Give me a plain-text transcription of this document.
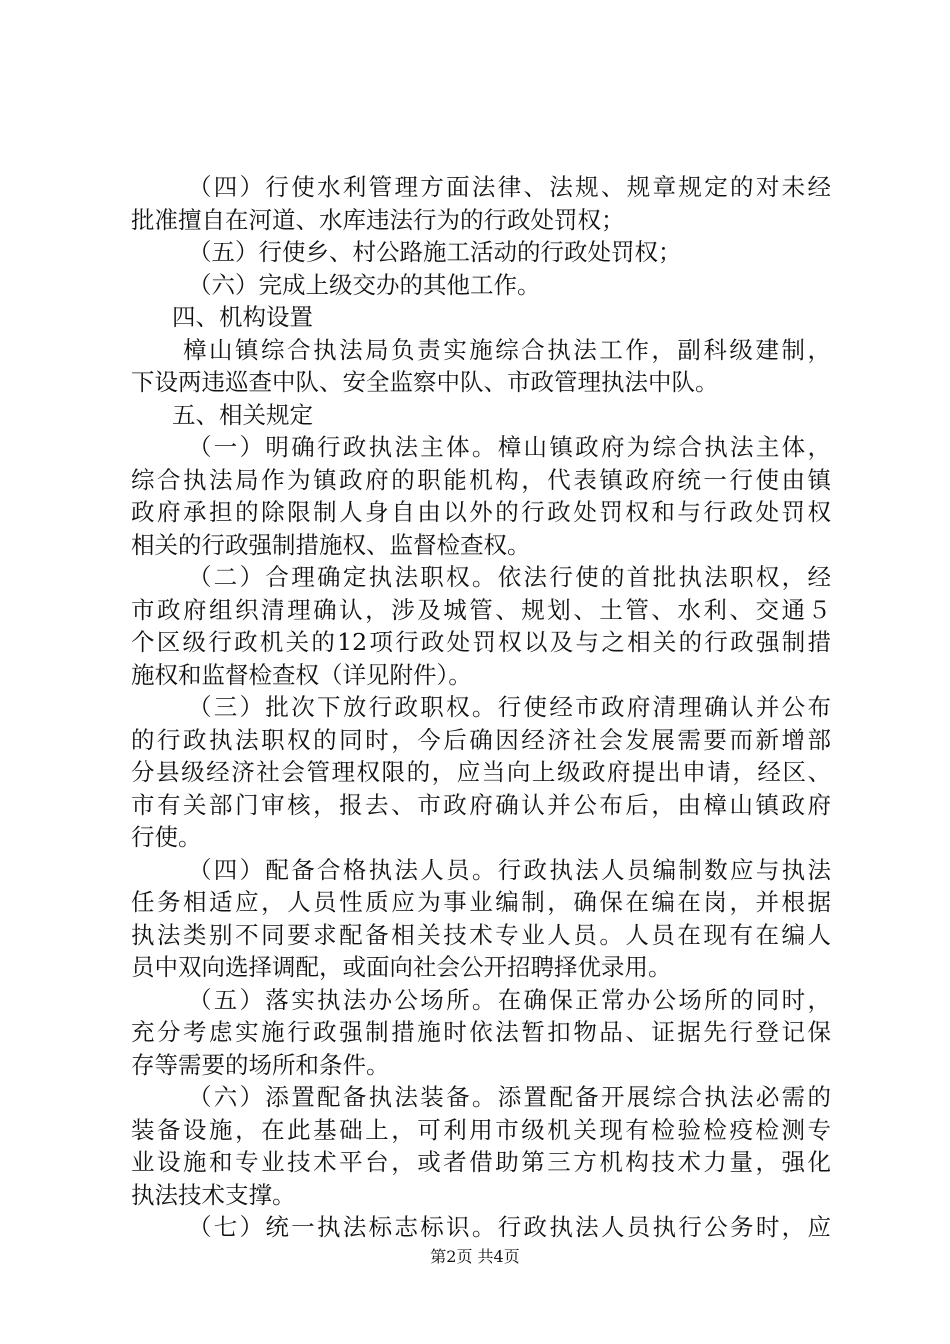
（四）行使水利管理方面法律、法规、规章规定的对未经
批准擅自在河道、水库违法行为的行政处罚权；
（五）行使乡、村公路施工活动的行政处罚权；
（六）完成上级交办的其他工作。
四、机构设置
樟山镇综合执法局负责实施综合执法工作，副科级建制，
下设两违巡查中队、安全监察中队、市政管理执法中队。
五、相关规定
（一）明确行政执法主体。樟山镇政府为综合执法主体，
综合执法局作为镇政府的职能机构，代表镇政府统一行使由镇
政府承担的除限制人身自由以外的行政处罚权和与行政处罚权
相关的行政强制措施权、监督检查权。
（二）合理确定执法职权。依法行使的首批执法职权，经
市政府组织清理确认，涉及城管、规划、土管、水利、交通５
个区级行政机关的12项行政处罚权以及与之相关的行政强制措
施权和监督检查权（详见附件）。
（三）批次下放行政职权。行使经市政府清理确认并公布
的行政执法职权的同时，今后确因经济社会发展需要而新增部
分县级经济社会管理权限的，应当向上级政府提出申请，经区、
市有关部门审核，报去、市政府确认并公布后，由樟山镇政府
行使。
（四）配备合格执法人员。行政执法人员编制数应与执法
任务相适应，人员性质应为事业编制，确保在编在岗，并根据
执法类别不同要求配备相关技术专业人员。人员在现有在编人
员中双向选择调配，或面向社会公开招聘择优录用。
（五）落实执法办公场所。在确保正常办公场所的同时，
充分考虑实施行政强制措施时依法暂扣物品、证据先行登记保
存等需要的场所和条件。
（六）添置配备执法装备。添置配备开展综合执法必需的
装备设施，在此基础上，可利用市级机关现有检验检疫检测专
业设施和专业技术平台，或者借助第三方机构技术力量，强化
执法技术支撑。
（七）统一执法标志标识。行政执法人员执行公务时，应
第2页 共4页
